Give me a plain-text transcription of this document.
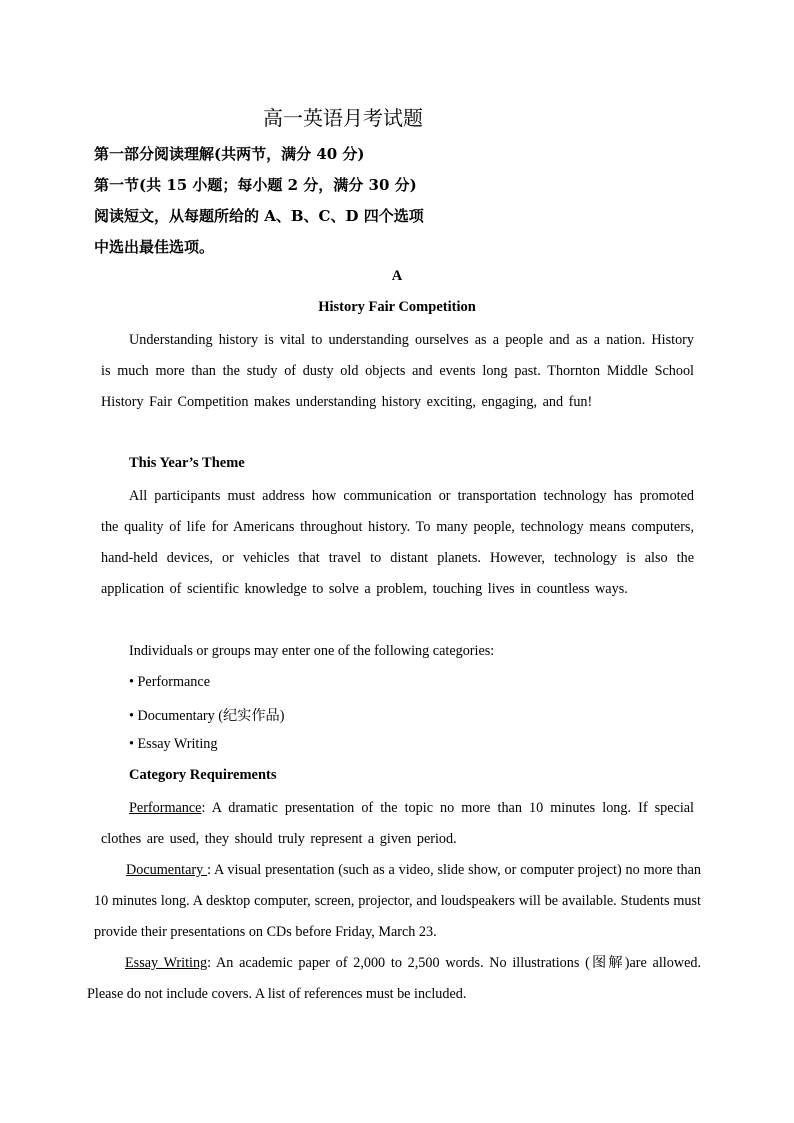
高一英语月考试题
第一部分阅读理解(共两节，满分 40 分)
第一节(共 15 小题；每小题 2 分，满分 30 分)
阅读短文，从每题所给的 A、B、C、D 四个选项
中选出最佳选项。
A
History Fair Competition
Understanding history is vital to understanding ourselves as a people and as a nation. History is much more than the study of dusty old objects and events long past. Thornton Middle School History Fair Competition makes understanding history exciting, engaging, and fun!
This Year’s Theme
All participants must address how communication or transportation technology has promoted the quality of life for Americans throughout history. To many people, technology means computers, hand-held devices, or vehicles that travel to distant planets. However, technology is also the application of scientific knowledge to solve a problem, touching lives in countless ways.
Individuals or groups may enter one of the following categories:
• Performance
• Documentary (纪实作品)
• Essay Writing
Category Requirements
Performance: A dramatic presentation of the topic no more than 10 minutes long. If special clothes are used, they should truly represent a given period.
Documentary : A visual presentation (such as a video, slide show, or computer project) no more than 10 minutes long. A desktop computer, screen, projector, and loudspeakers will be available. Students must provide their presentations on CDs before Friday, March 23.
Essay Writing: An academic paper of 2,000 to 2,500 words. No illustrations (图解)are allowed. Please do not include covers. A list of references must be included.
